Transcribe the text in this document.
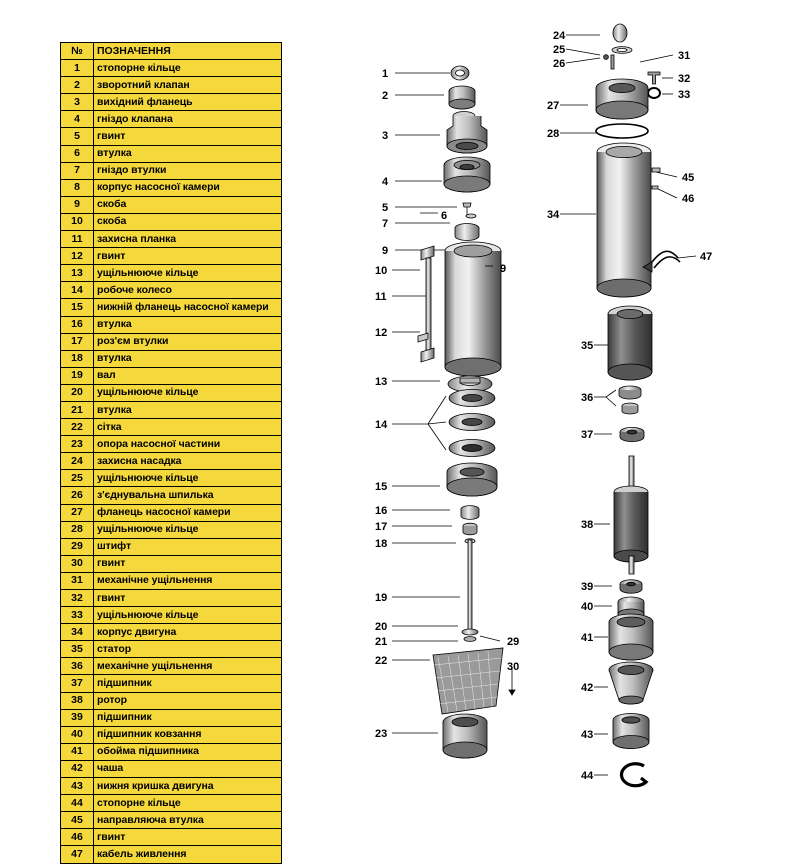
№	ПОЗНАЧЕННЯ
1	стопорне кільце
2	зворотний клапан
3	вихідний фланець
4	гніздо клапана
5	гвинт
6	втулка
7	гніздо втулки
8	корпус насосної камери
9	скоба
10	скоба
11	захисна планка
12	гвинт
13	ущільнююче кільце
14	робоче колесо
15	нижній фланець насосної камери
16	втулка
17	роз'єм втулки
18	втулка
19	вал
20	ущільнююче кільце
21	втулка
22	сітка
23	опора насосної частини
24	захисна насадка
25	ущільнююче кільце
26	з'єднувальна шпилька
27	фланець насосної камери
28	ущільнююче кільце
29	штифт
30	гвинт
31	механічне ущільнення
32	гвинт
33	ущільнююче кільце
34	корпус двигуна
35	статор
36	механічне ущільнення
37	підшипник
38	ротор
39	підшипник
40	підшипник ковзання
41	обойма підшипника
42	чаша
43	нижня кришка двигуна
44	стопорне кільце
45	направляюча втулка
46	гвинт
47	кабель живлення
1
2
3
4
5
6
7
9
9
10
11
12
13
14
15
16
17
18
19
20
21
22
23
29
30
24
25
26
31
32
33
27
28
34
45
46
47
35
36
37
38
39
40
41
42
43
44
